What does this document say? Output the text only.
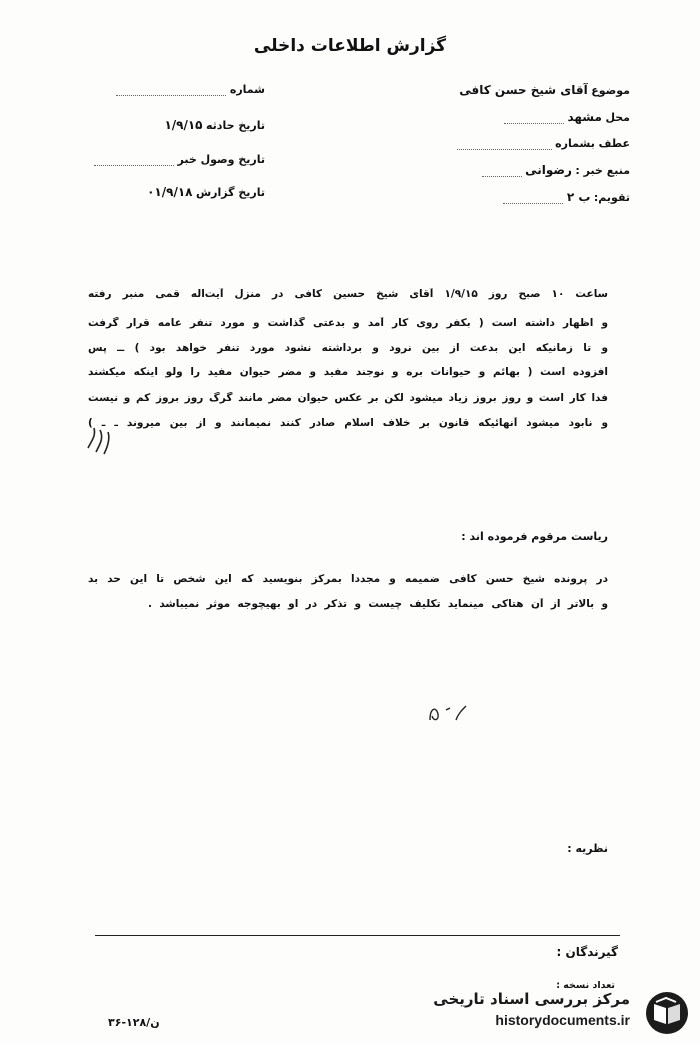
گزارش اطلاعات داخلی
موضوع آقای شیخ حسن کافی
محل مشهد
عطف بشماره
منبع خبر : رضوانی
تقویم: ب ۲
شماره
تاریخ حادثه ۱/۹/۱۵
تاریخ وصول خبر
تاریخ گزارش ۰۱/۹/۱۸
ساعت ۱۰ صبح روز ۱/۹/۱۵ آقای شیخ حسین کافی در منزل آیت‌اله قمی منبر رفته
و اظهار داشته است ( بکفر روی کار آمد و بدعتی گذاشت و مورد تنفر عامه قرار گرفت
و تا زمانیکه این بدعت از بین نرود و برداشته نشود مورد تنفر خواهد بود ) ــ پس
افزوده است ( بهائم و حیوانات بره و نوجند مفید و مضر حیوان مفید را ولو اینکه میکشند
فدا کار است و روز بروز زیاد میشود لکن بر عکس حیوان مضر مانند گرگ روز بروز کم و نیست
و نابود میشود آنهائیکه قانون بر خلاف اسلام صادر کنند نمیمانند و از بین میروند ـ ـ )
ریاست مرقوم فرموده اند :
در پرونده شیخ حسن کافی ضمیمه و مجدداً بمرکز بنویسید که این شخص تا این حد بد
و بالاتر از آن هتاکی مینماید تکلیف چیست و تذکر در او بهیچوجه موثر نمیباشد .
نظریه :
گیرندگان :
تعداد نسخه :
ن/۱۲۸-۳۶
مرکز بررسی اسناد تاریخی
historydocuments.ir
